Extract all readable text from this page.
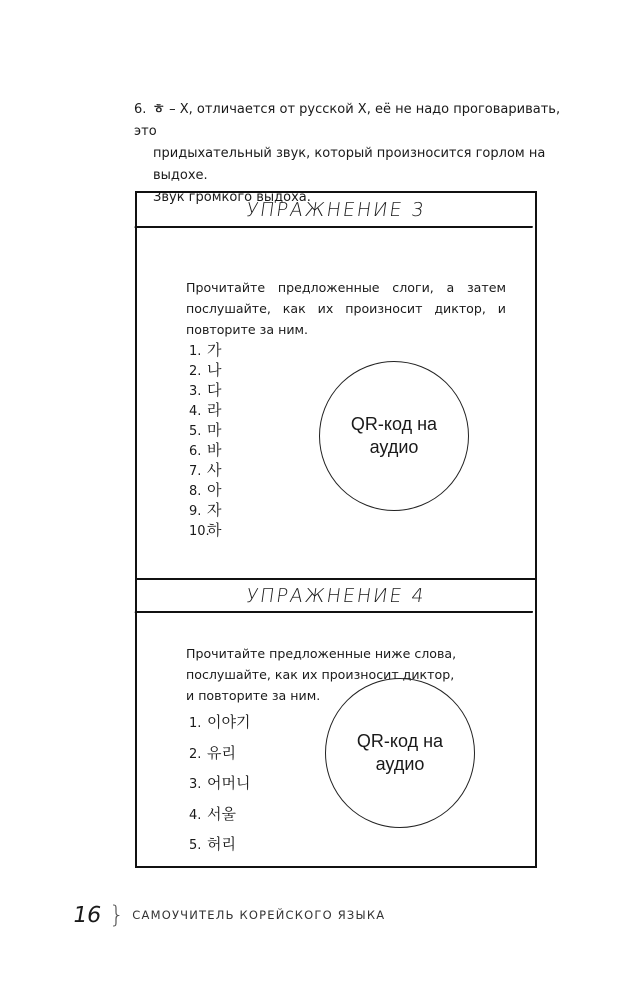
6. ㅎ – Х, отличается от русской Х, её не надо проговаривать, это
придыхательный звук, который произносится горлом на выдохе.
Звук громкого выдоха.
УПРАЖНЕНИЕ 3
Прочитайте предложенные слоги, а затем послушайте, как их произносит диктор, и повторите за ним.
1. 가
2. 나
3. 다
4. 라
5. 마
6. 바
7. 사
8. 아
9. 자
10.하
QR-код на
аудио
УПРАЖНЕНИЕ 4
Прочитайте предложенные ниже слова,
послушайте, как их произносит диктор,
и повторите за ним.
1. 이야기
2. 유리
3. 어머니
4. 서울
5. 허리
QR-код на
аудио
16 } САМОУЧИТЕЛЬ КОРЕЙСКОГО ЯЗЫКА
